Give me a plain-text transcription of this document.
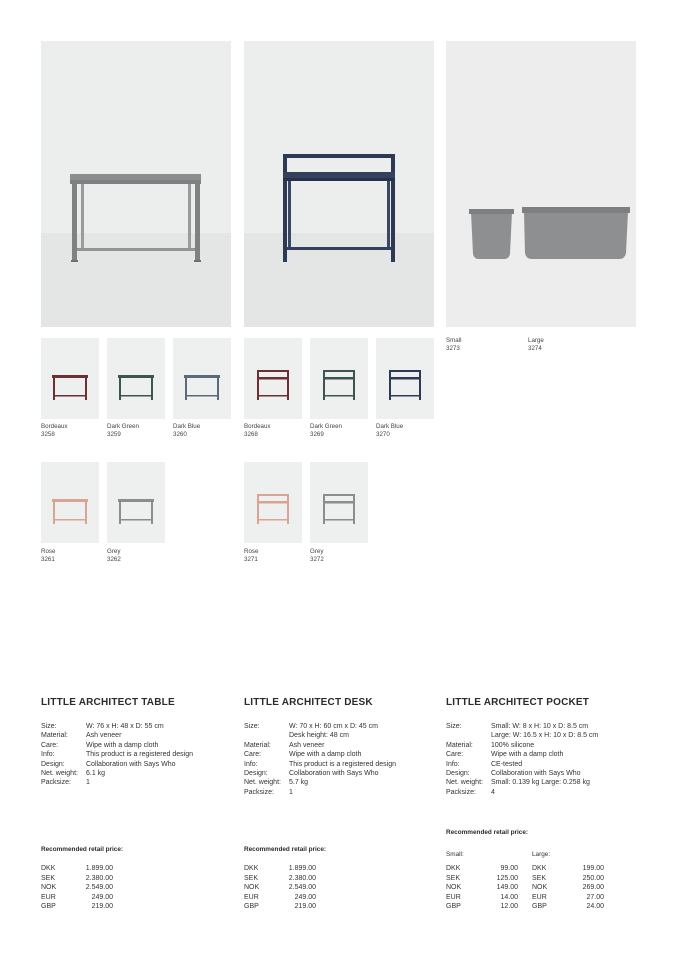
Small
3273
Large
3274
Bordeaux
3258
Dark Green
3259
Dark Blue
3260
Rose
3261
Grey
3262
Bordeaux
3268
Dark Green
3269
Dark Blue
3270
Rose
3271
Grey
3272
LITTLE ARCHITECT TABLE	LITTLE ARCHITECT DESK	LITTLE ARCHITECT POCKET
Size:	W: 76 x H: 48 x D: 55 cm
Material:	Ash veneer
Care:	Wipe with a damp cloth
Info:	This product is a registered design
Design:	Collaboration with Says Who
Net. weight:	6.1 kg
Packsize:	1
Size:	W: 70 x H: 60 cm x D: 45 cm
Desk height: 48 cm
Material:	Ash veneer
Care:	Wipe with a damp cloth
Info:	This product is a registered design
Design:	Collaboration with Says Who
Net. weight:	5.7 kg
Packsize:	1
Size:	Small: W: 8 x H: 10 x D: 8.5 cm
Large: W: 16.5 x H: 10 x D: 8.5 cm
Material:	100% silicone
Care:	Wipe with a damp cloth
Info:	CE-tested
Design:	Collaboration with Says Who
Net. weight:	Small: 0.139 kg Large: 0.258 kg
Packsize:	4
Recommended retail price:
DKK	1.899.00
SEK	2.380.00
NOK	2.549.00
EUR	249.00
GBP	219.00
Recommended retail price:
DKK	1.899.00
SEK	2.380.00
NOK	2.549.00
EUR	249.00
GBP	219.00
Recommended retail price:
Small:	Large:
DKK	99.00
SEK	125.00
NOK	149.00
EUR	14.00
GBP	12.00
DKK	199.00
SEK	250.00
NOK	269.00
EUR	27.00
GBP	24.00
